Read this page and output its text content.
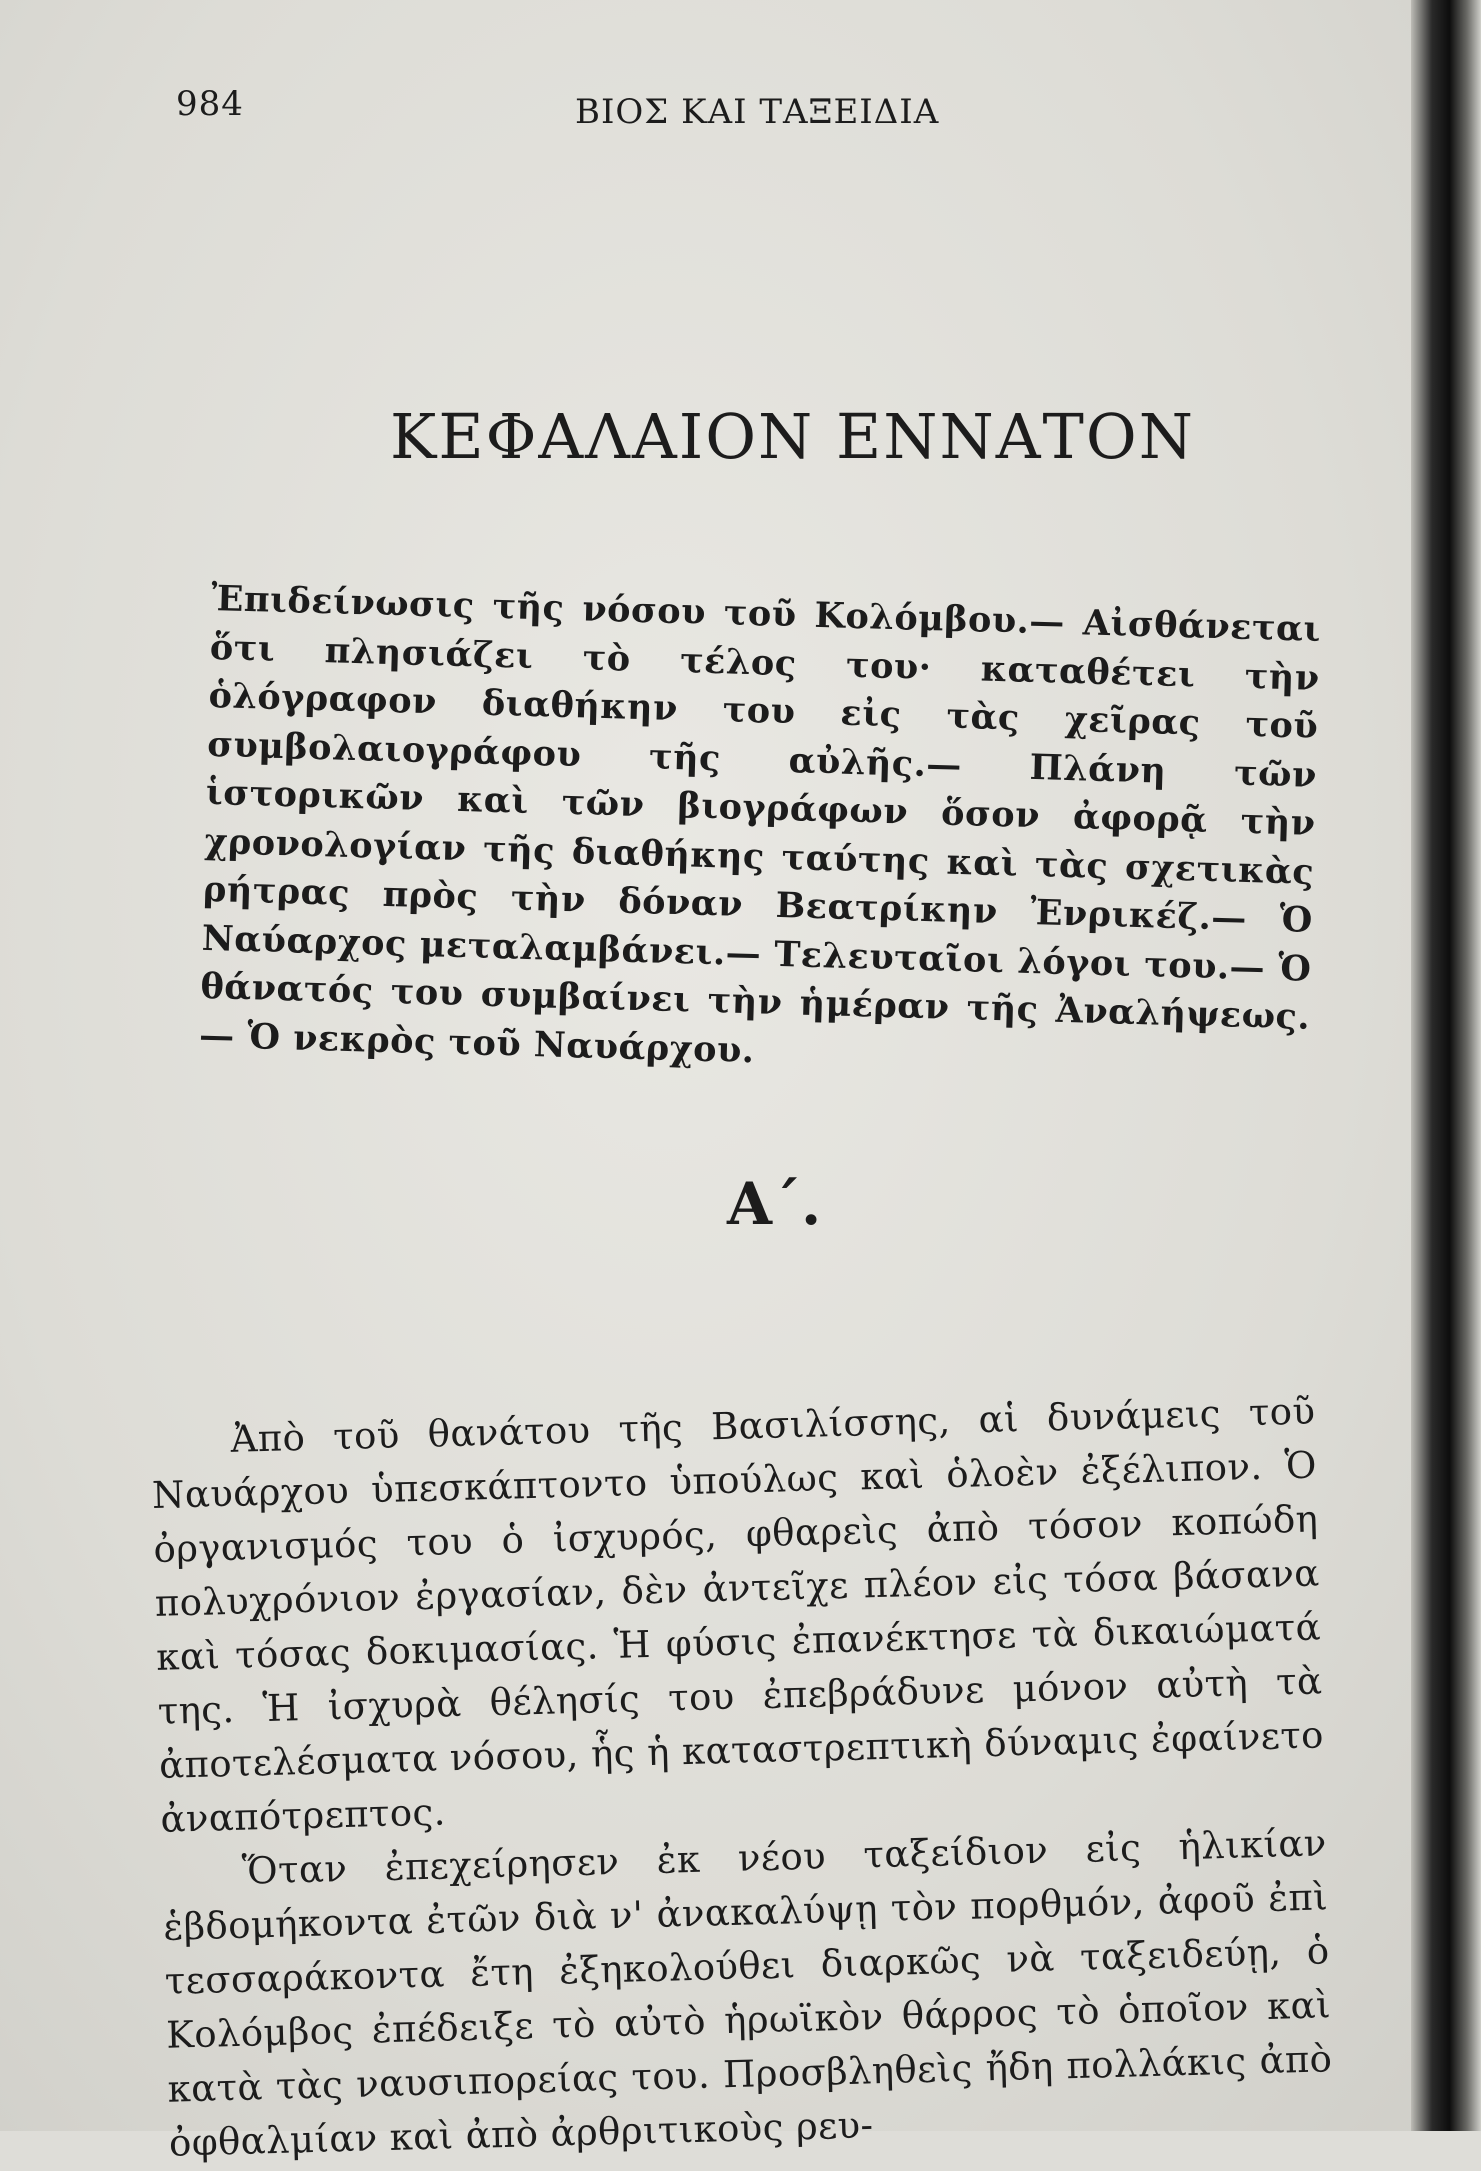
984	ΒΙΟΣ ΚΑΙ ΤΑΞΕΙΔΙΑ
ΚΕΦΑΛΑΙΟΝ ΕΝΝΑΤΟΝ
Ἐπιδείνωσις τῆς νόσου τοῦ Κολόμβου.— Αἰσθάνεται ὅτι πλησιάζει τὸ τέλος του· καταθέτει τὴν ὁλόγραφον διαθήκην του εἰς τὰς χεῖρας τοῦ συμβολαιογράφου τῆς αὐλῆς.— Πλάνη τῶν ἱστορικῶν καὶ τῶν βιογράφων ὅσον ἀφορᾷ τὴν χρονολογίαν τῆς διαθήκης ταύτης καὶ τὰς σχετικὰς ρήτρας πρὸς τὴν δόναν Βεατρίκην Ἐνρικέζ.— Ὁ Ναύαρχος μεταλαμβάνει.— Τελευταῖοι λόγοι του.— Ὁ θάνατός του συμβαίνει τὴν ἡμέραν τῆς Ἀναλήψεως.— Ὁ νεκρὸς τοῦ Ναυάρχου.
Α΄.

Ἀπὸ τοῦ θανάτου τῆς Βασιλίσσης, αἱ δυνάμεις τοῦ Ναυάρχου ὑπεσκάπτοντο ὑπούλως καὶ ὁλοὲν ἐξέλιπον. Ὁ ὀργανισμός του ὁ ἰσχυρός, φθαρεὶς ἀπὸ τόσον κοπώδη πολυχρόνιον ἐργασίαν, δὲν ἀντεῖχε πλέον εἰς τόσα βάσανα καὶ τόσας δοκιμασίας. Ἡ φύσις ἐπανέκτησε τὰ δικαιώματά της. Ἡ ἰσχυρὰ θέλησίς του ἐπεβράδυνε μόνον αὐτὴ τὰ ἀποτελέσματα νόσου, ἧς ἡ καταστρεπτικὴ δύναμις ἐφαίνετο ἀναπότρεπτος.

Ὅταν ἐπεχείρησεν ἐκ νέου ταξείδιον εἰς ἡλικίαν ἑβδομήκοντα ἐτῶν διὰ ν' ἀνακαλύψῃ τὸν πορθμόν, ἀφοῦ ἐπὶ τεσσαράκοντα ἔτη ἐξηκολούθει διαρκῶς νὰ ταξειδεύῃ, ὁ Κολόμβος ἐπέδειξε τὸ αὐτὸ ἡρωϊκὸν θάρρος τὸ ὁποῖον καὶ κατὰ τὰς ναυσιπορείας του. Προσβληθεὶς ἤδη πολλάκις ἀπὸ ὀφθαλμίαν καὶ ἀπὸ ἀρθριτικοὺς ρευ-
